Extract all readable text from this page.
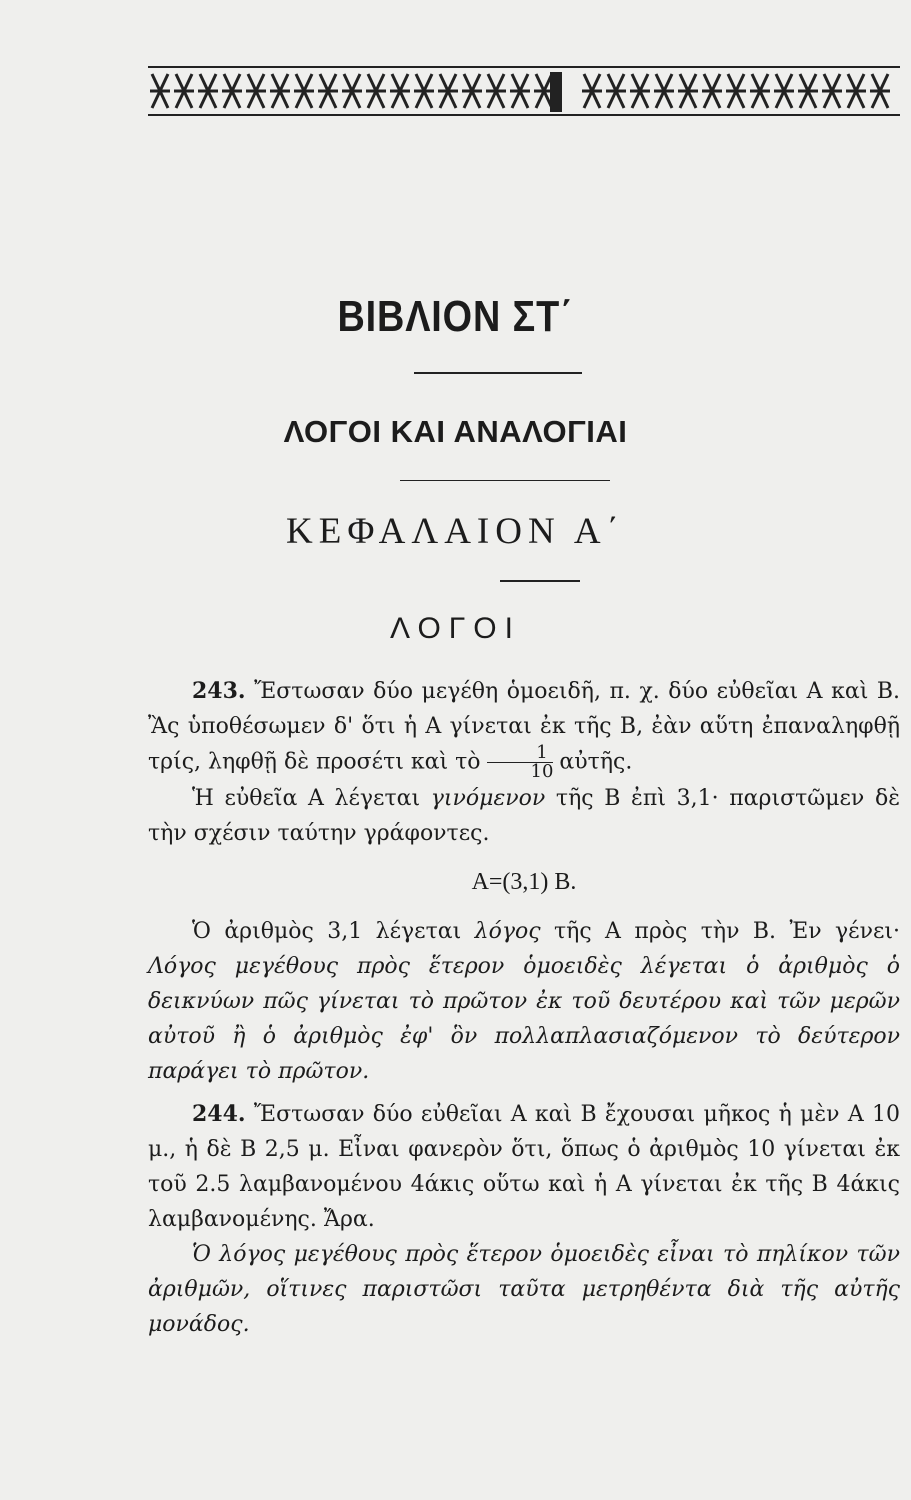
ΒΙΒΛΙΟΝ ΣΤ΄
ΛΟΓΟΙ ΚΑΙ ΑΝΑΛΟΓΙΑΙ
ΚΕΦΑΛΑΙΟΝ Α΄
ΛΟΓΟΙ

243. Ἔστωσαν δύο μεγέθη ὁμοειδῆ, π. χ. δύο εὐθεῖαι Α καὶ Β. Ἂς ὑποθέσωμεν δ' ὅτι ἡ Α γίνεται ἐκ τῆς Β, ἐὰν αὕτη ἐπαναληφθῇ τρίς, ληφθῇ δὲ προσέτι καὶ τὸ $\frac{1}{10}$ αὐτῆς.

Ἡ εὐθεῖα Α λέγεται γινόμενον τῆς Β ἐπὶ 3,1· παριστῶμεν δὲ τὴν σχέσιν ταύτην γράφοντες.

Α=(3,1) Β.

Ὁ ἀριθμὸς 3,1 λέγεται λόγος τῆς Α πρὸς τὴν Β. Ἐν γένει· Λόγος μεγέθους πρὸς ἕτερον ὁμοειδὲς λέγεται ὁ ἀριθμὸς ὁ δεικνύων πῶς γίνεται τὸ πρῶτον ἐκ τοῦ δευτέρου καὶ τῶν μερῶν αὐτοῦ ἢ ὁ ἀριθμὸς ἐφ' ὃν πολλαπλασιαζόμενον τὸ δεύτερον παράγει τὸ πρῶτον.

244. Ἔστωσαν δύο εὐθεῖαι Α καὶ Β ἔχουσαι μῆκος ἡ μὲν Α 10 μ., ἡ δὲ Β 2,5 μ. Εἶναι φανερὸν ὅτι, ὅπως ὁ ἀριθμὸς 10 γίνεται ἐκ τοῦ 2.5 λαμβανομένου 4άκις οὕτω καὶ ἡ Α γίνεται ἐκ τῆς Β 4άκις λαμβανομένης. Ἄρα.

Ὁ λόγος μεγέθους πρὸς ἕτερον ὁμοειδὲς εἶναι τὸ πηλίκον τῶν ἀριθμῶν, οἵτινες παριστῶσι ταῦτα μετρηθέντα διὰ τῆς αὐτῆς μονάδος.
